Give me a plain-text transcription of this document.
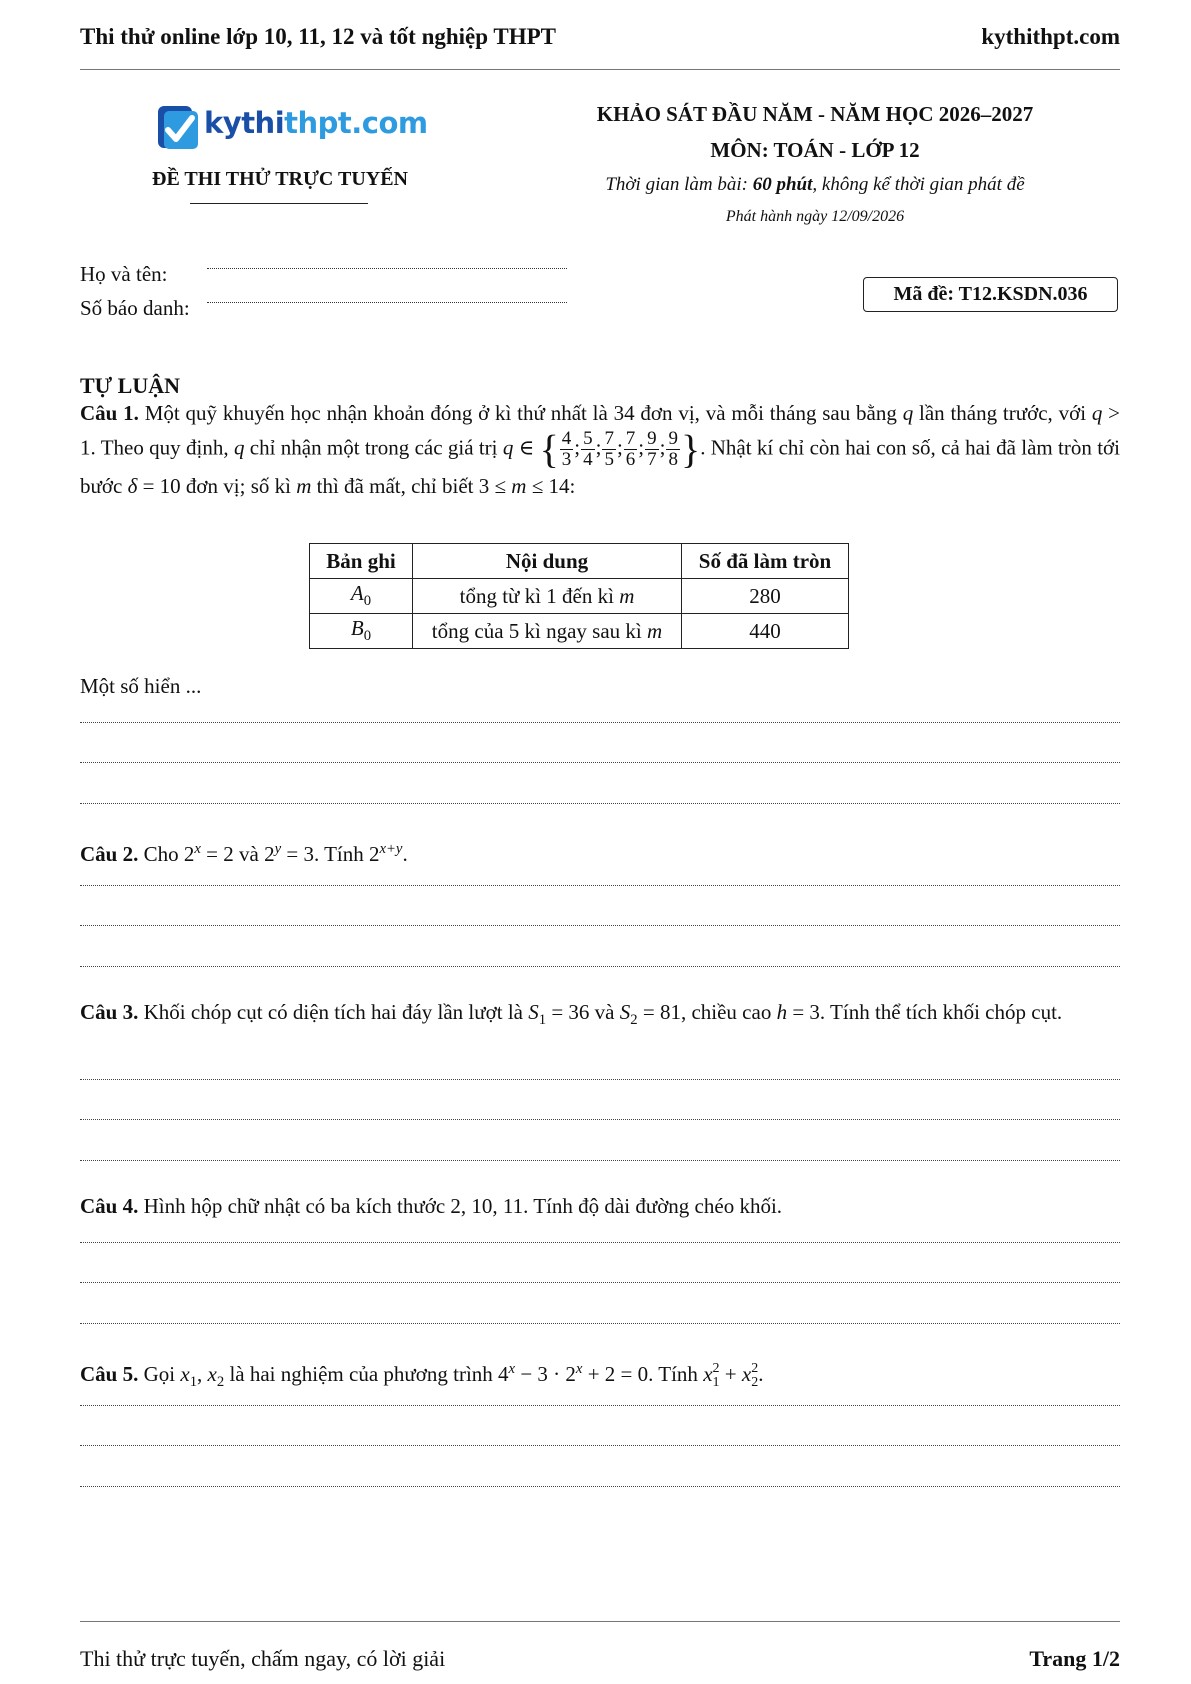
Thi thử online lớp 10, 11, 12 và tốt nghiệp THPT	kythithpt.com
kythithpt.com
ĐỀ THI THỬ TRỰC TUYẾN
KHẢO SÁT ĐẦU NĂM - NĂM HỌC 2026–2027
MÔN: TOÁN - LỚP 12
Thời gian làm bài: 60 phút, không kể thời gian phát đề
Phát hành ngày 12/09/2026
Họ và tên:
Số báo danh:
Mã đề: T12.KSDN.036
TỰ LUẬN
Câu 1. Một quỹ khuyến học nhận khoản đóng ở kì thứ nhất là 34 đơn vị, và mỗi tháng sau bằng q lần tháng trước, với q > 1. Theo quy định, q chỉ nhận một trong các giá trị q ∈ { $\frac{4}{3}$ ; $\frac{5}{4}$ ; $\frac{7}{5}$ ; $\frac{7}{6}$ ; $\frac{9}{7}$ ; $\frac{9}{8}$ }. Nhật kí chỉ còn hai con số, cả hai đã làm tròn tới bước δ = 10 đơn vị; số kì m thì đã mất, chỉ biết 3 ≤ m ≤ 14:
Bản ghi	Nội dung	Số đã làm tròn
$A_0$	tổng từ kì 1 đến kì m	280
$B_0$	tổng của 5 kì ngay sau kì m	440
Một số hiển ...
Câu 2. Cho $2^x = 2$ và $2^y = 3$. Tính $2^{x+y}$.
Câu 3. Khối chóp cụt có diện tích hai đáy lần lượt là $S_1 = 36$ và $S_2 = 81$, chiều cao h = 3. Tính thể tích khối chóp cụt.
Câu 4. Hình hộp chữ nhật có ba kích thước 2, 10, 11. Tính độ dài đường chéo khối.
Câu 5. Gọi $x_1$, $x_2$ là hai nghiệm của phương trình $4^x - 3 \cdot 2^x + 2 = 0$. Tính x 2
1 + x 2
2 .
Thi thử trực tuyến, chấm ngay, có lời giải	Trang 1/2
